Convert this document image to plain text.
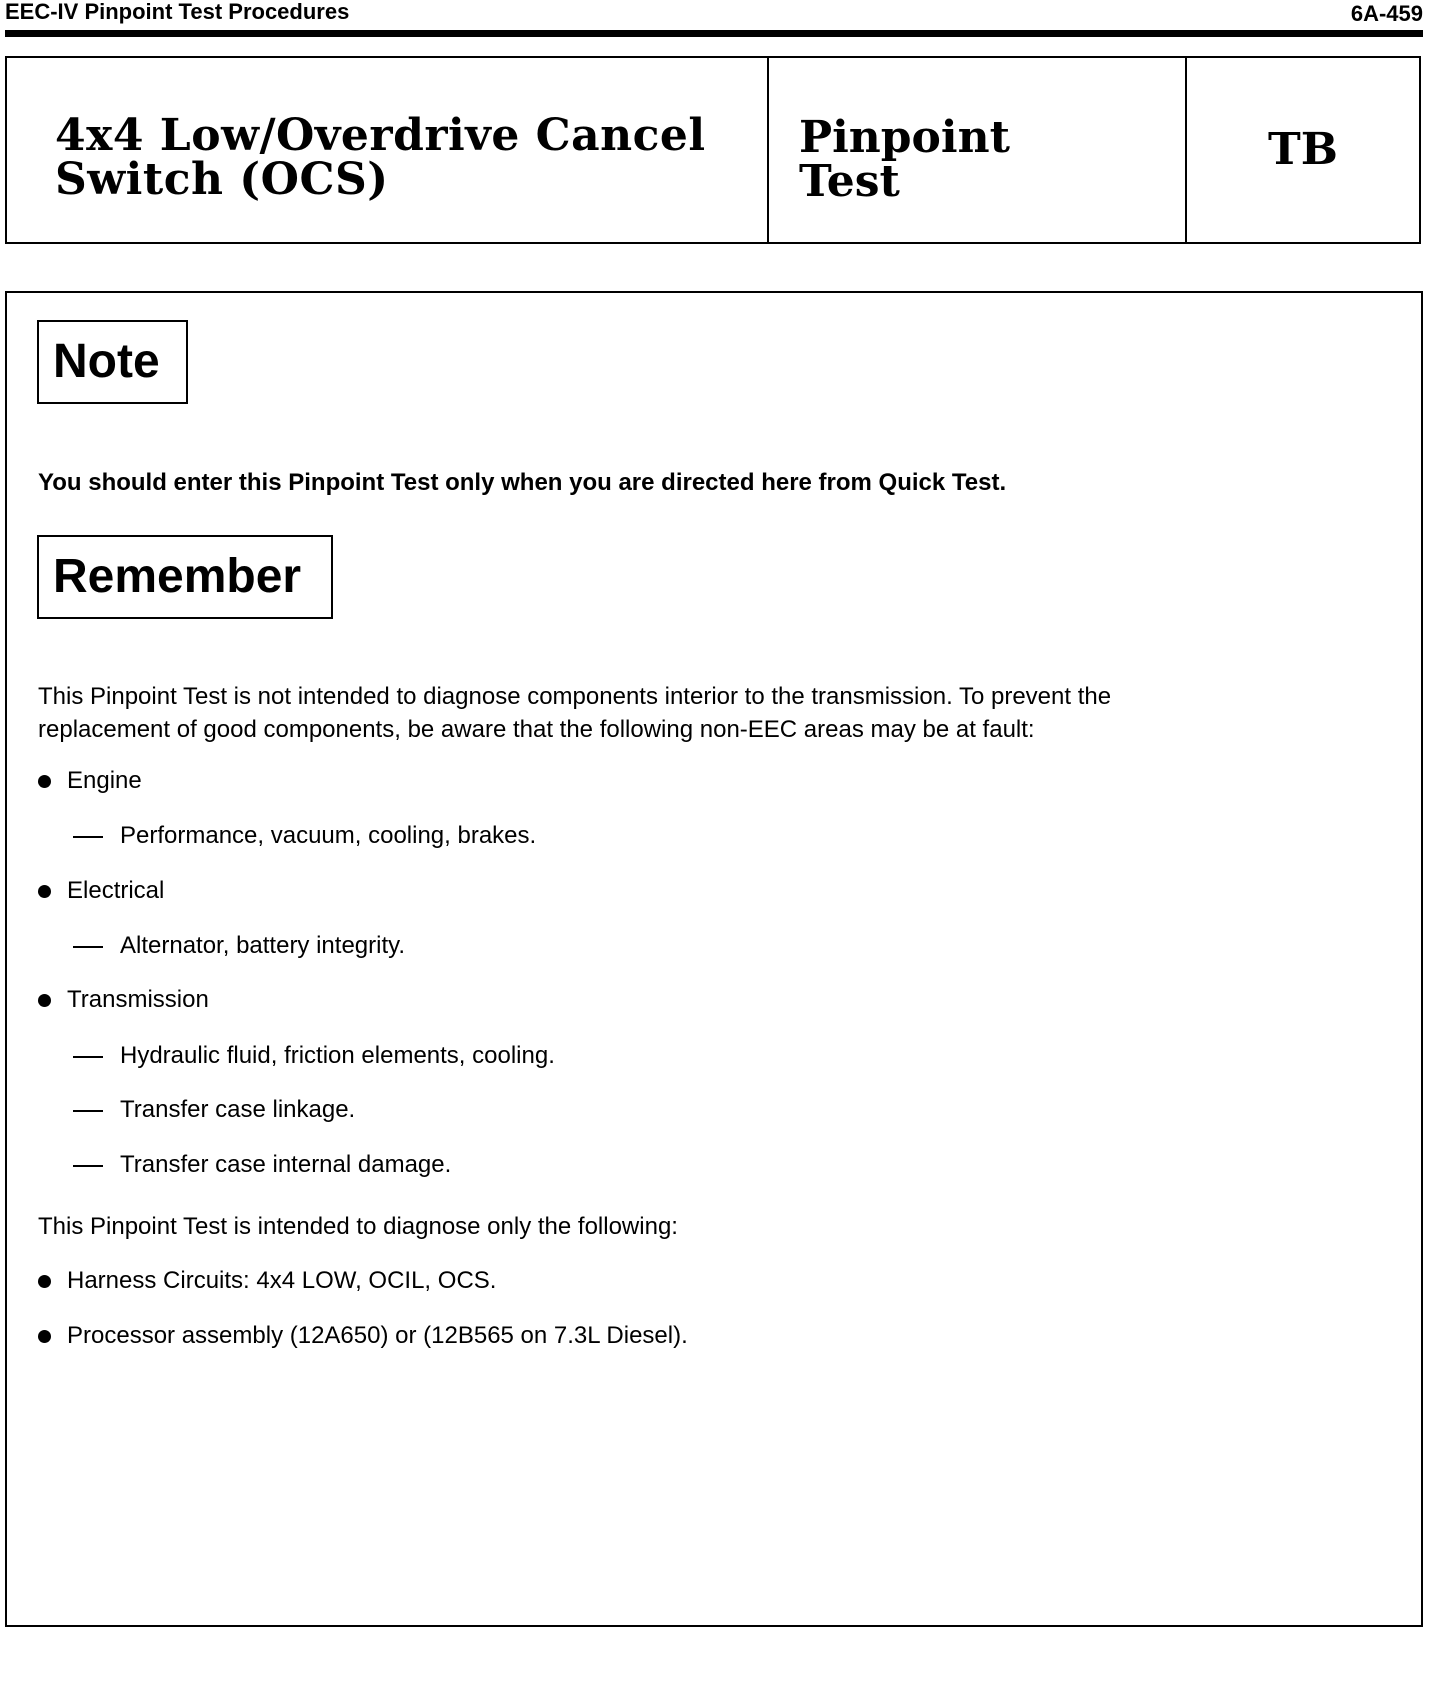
EEC-IV Pinpoint Test Procedures	6A-459
4x4 Low/Overdrive Cancel
Switch (OCS)
Pinpoint
Test
TB
Note
You should enter this Pinpoint Test only when you are directed here from Quick Test.
Remember
This Pinpoint Test is not intended to diagnose components interior to the transmission. To prevent the
replacement of good components, be aware that the following non-EEC areas may be at fault:
Engine
Performance, vacuum, cooling, brakes.
Electrical
Alternator, battery integrity.
Transmission
Hydraulic fluid, friction elements, cooling.
Transfer case linkage.
Transfer case internal damage.
This Pinpoint Test is intended to diagnose only the following:
Harness Circuits: 4x4 LOW, OCIL, OCS.
Processor assembly (12A650) or (12B565 on 7.3L Diesel).
